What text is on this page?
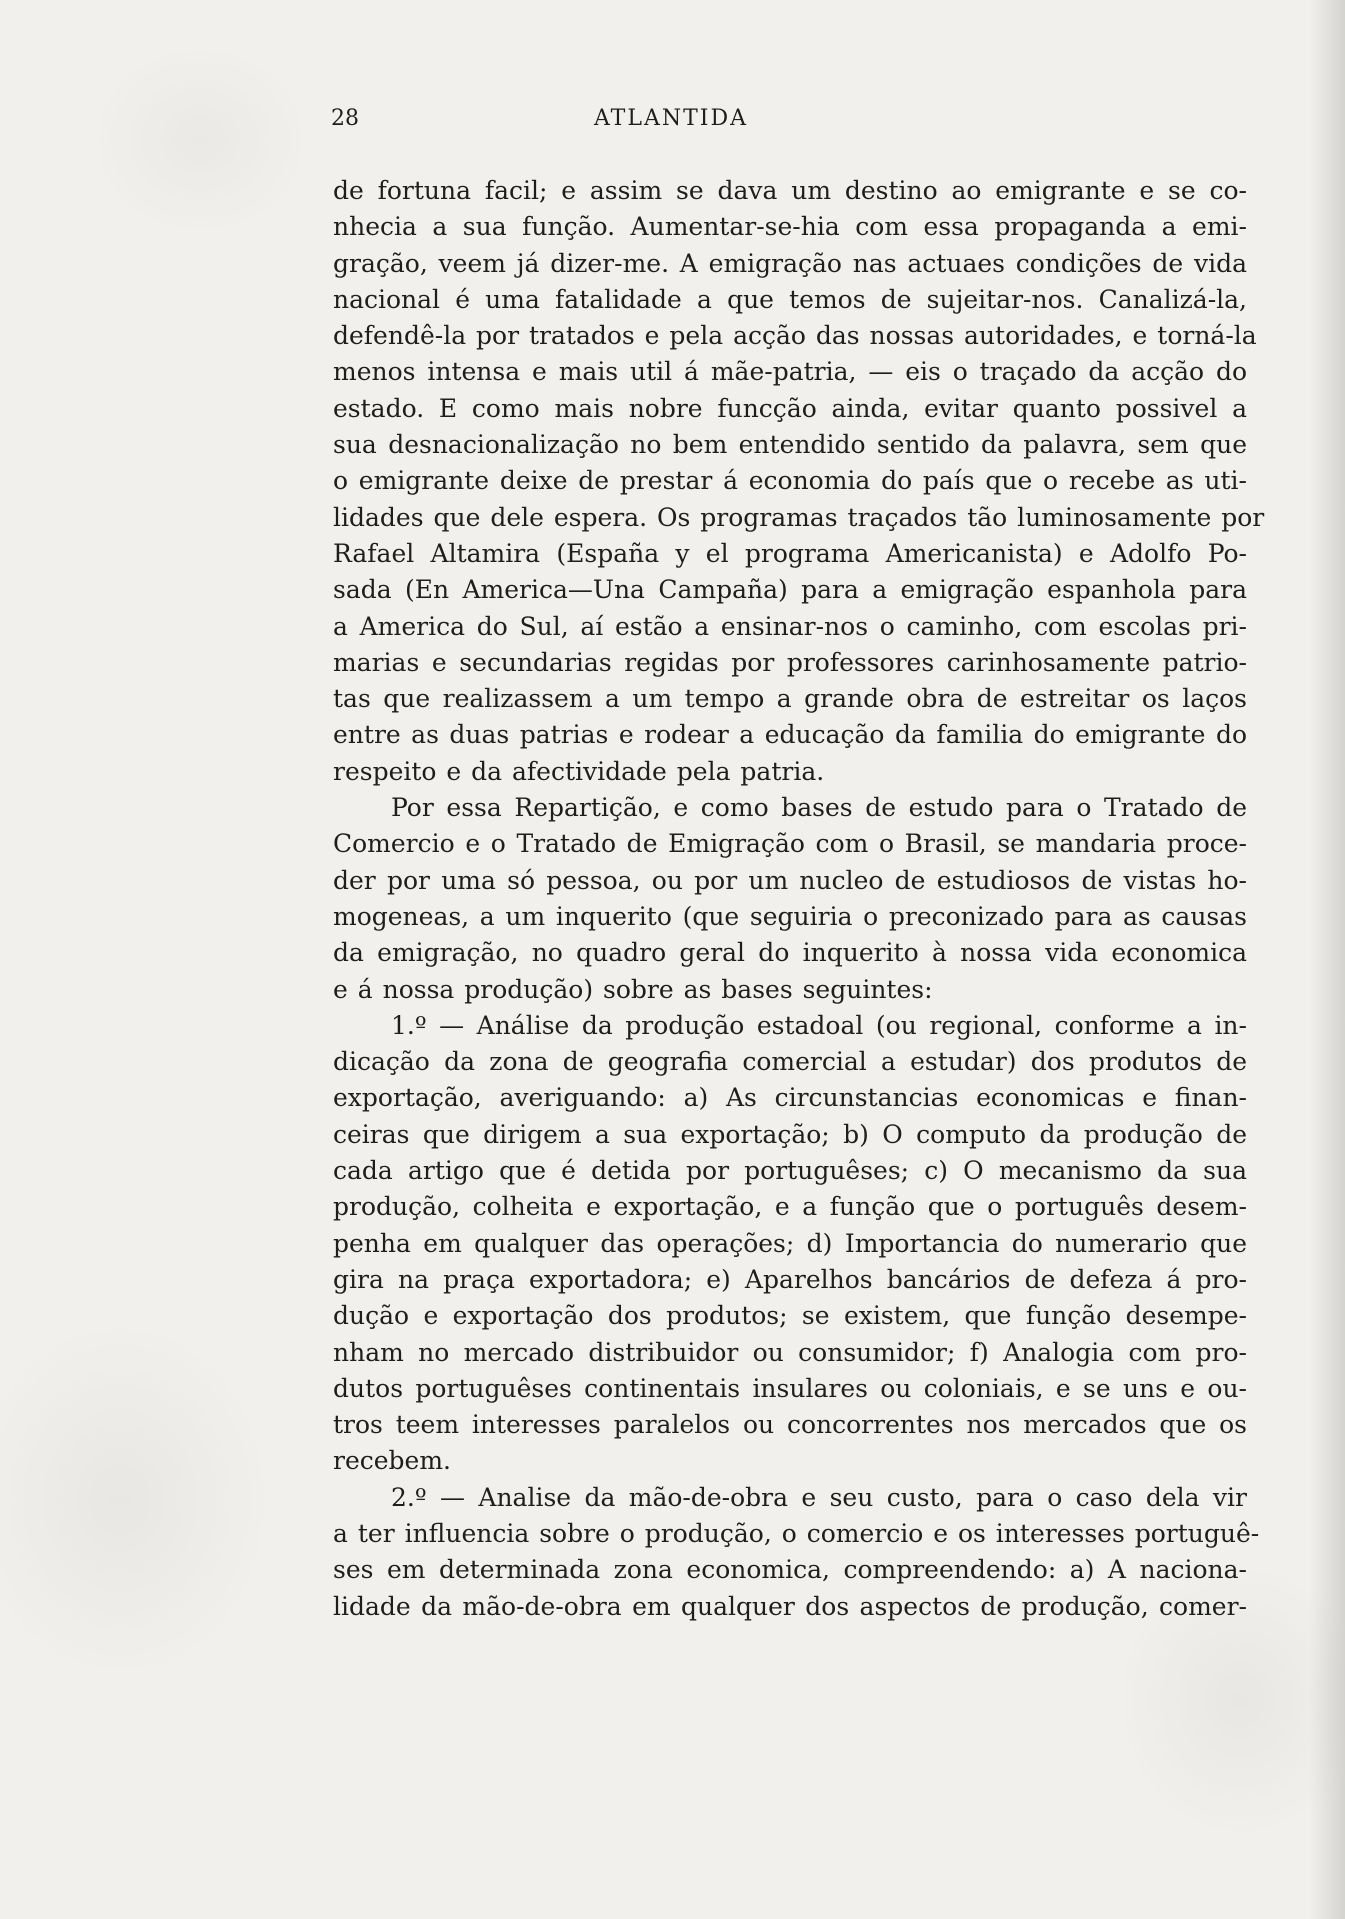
28	ATLANTIDA
de fortuna facil; e assim se dava um destino ao emigrante e se co-
nhecia a sua função. Aumentar-se-hia com essa propaganda a emi-
gração, veem já dizer-me. A emigração nas actuaes condições de vida
nacional é uma fatalidade a que temos de sujeitar-nos. Canalizá-la,
defendê-la por tratados e pela acção das nossas autoridades, e torná-la
menos intensa e mais util á mãe-patria, — eis o traçado da acção do
estado. E como mais nobre funcção ainda, evitar quanto possivel a
sua desnacionalização no bem entendido sentido da palavra, sem que
o emigrante deixe de prestar á economia do país que o recebe as uti-
lidades que dele espera. Os programas traçados tão luminosamente por
Rafael Altamira (España y el programa Americanista) e Adolfo Po-
sada (En America—Una Campaña) para a emigração espanhola para
a America do Sul, aí estão a ensinar-nos o caminho, com escolas pri-
marias e secundarias regidas por professores carinhosamente patrio-
tas que realizassem a um tempo a grande obra de estreitar os laços
entre as duas patrias e rodear a educação da familia do emigrante do
respeito e da afectividade pela patria.
Por essa Repartição, e como bases de estudo para o Tratado de
Comercio e o Tratado de Emigração com o Brasil, se mandaria proce-
der por uma só pessoa, ou por um nucleo de estudiosos de vistas ho-
mogeneas, a um inquerito (que seguiria o preconizado para as causas
da emigração, no quadro geral do inquerito à nossa vida economica
e á nossa produção) sobre as bases seguintes:
1.º — Análise da produção estadoal (ou regional, conforme a in-
dicação da zona de geografia comercial a estudar) dos produtos de
exportação, averiguando: a) As circunstancias economicas e finan-
ceiras que dirigem a sua exportação; b) O computo da produção de
cada artigo que é detida por portuguêses; c) O mecanismo da sua
produção, colheita e exportação, e a função que o português desem-
penha em qualquer das operações; d) Importancia do numerario que
gira na praça exportadora; e) Aparelhos bancários de defeza á pro-
dução e exportação dos produtos; se existem, que função desempe-
nham no mercado distribuidor ou consumidor; f) Analogia com pro-
dutos portuguêses continentais insulares ou coloniais, e se uns e ou-
tros teem interesses paralelos ou concorrentes nos mercados que os
recebem.
2.º — Analise da mão-de-obra e seu custo, para o caso dela vir
a ter influencia sobre o produção, o comercio e os interesses portuguê-
ses em determinada zona economica, compreendendo: a) A naciona-
lidade da mão-de-obra em qualquer dos aspectos de produção, comer-
